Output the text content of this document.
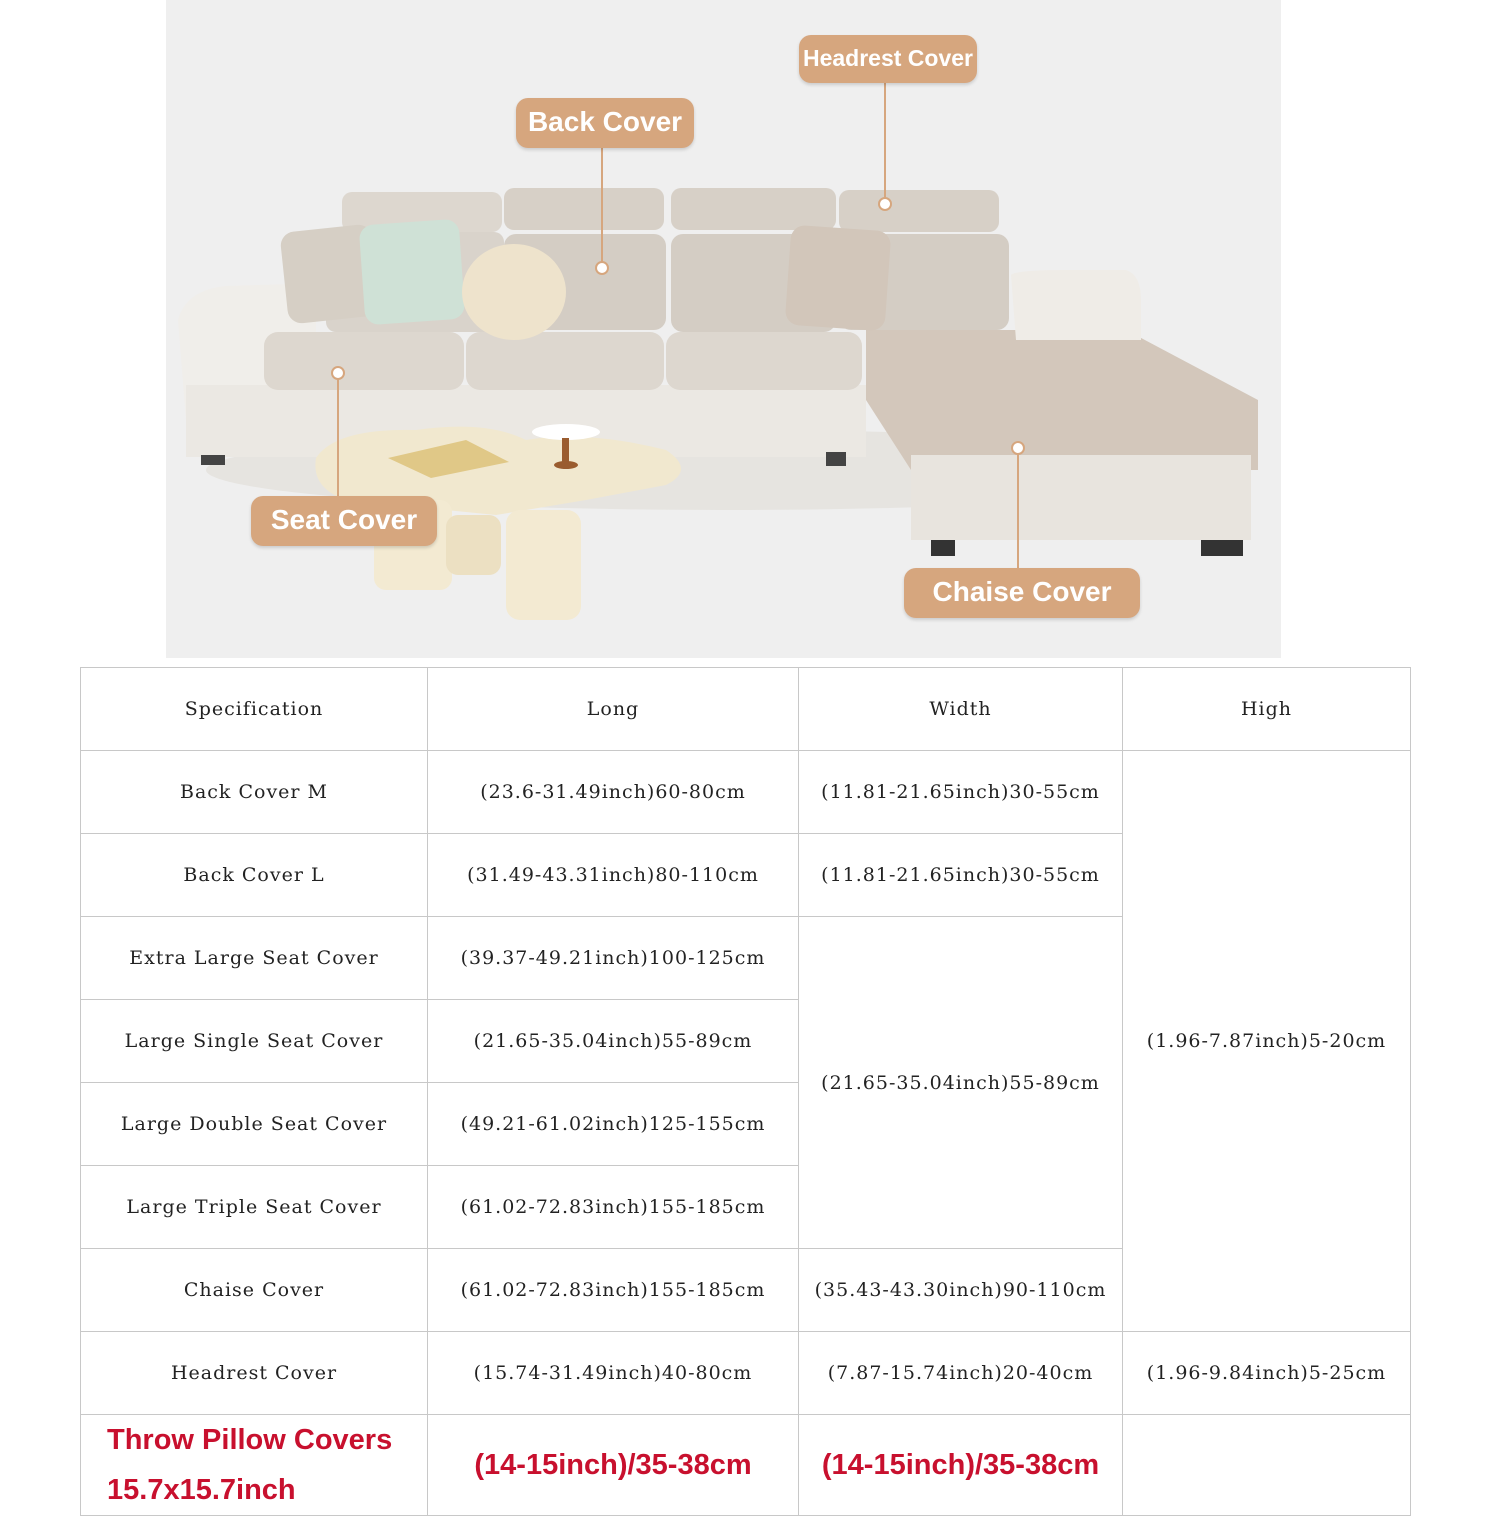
Headrest Cover
Back Cover
Seat Cover
Chaise Cover
Specification	Long	Width	High
Back Cover M	(23.6-31.49inch)60-80cm	(11.81-21.65inch)30-55cm	(1.96-7.87inch)5-20cm
Back Cover L	(31.49-43.31inch)80-110cm	(11.81-21.65inch)30-55cm	
Extra Large Seat Cover	(39.37-49.21inch)100-125cm	(21.65-35.04inch)55-89cm	
Large Single Seat Cover	(21.65-35.04inch)55-89cm		
Large Double Seat Cover	(49.21-61.02inch)125-155cm		
Large Triple Seat Cover	(61.02-72.83inch)155-185cm		
Chaise Cover	(61.02-72.83inch)155-185cm	(35.43-43.30inch)90-110cm	
Headrest Cover	(15.74-31.49inch)40-80cm	(7.87-15.74inch)20-40cm	(1.96-9.84inch)5-25cm
Throw Pillow Covers
15.7x15.7inch	(14-15inch)/35-38cm	(14-15inch)/35-38cm	
